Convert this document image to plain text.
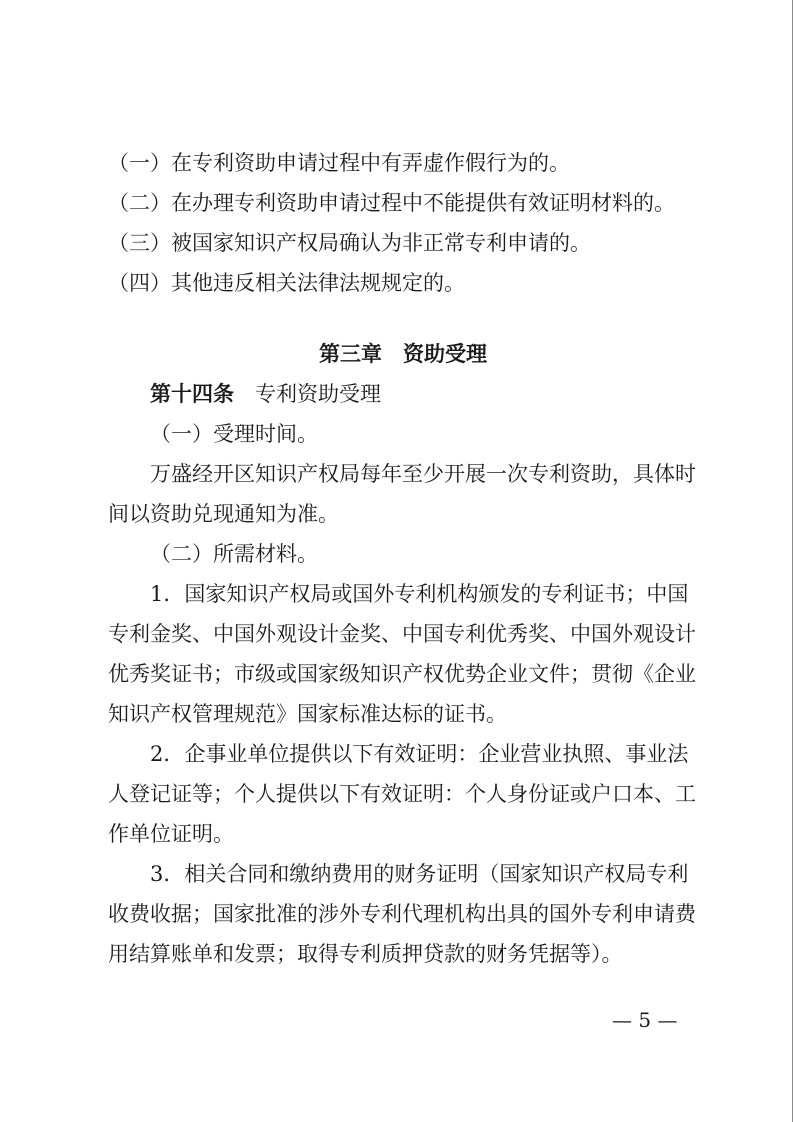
（一）在专利资助申请过程中有弄虚作假行为的。
（二）在办理专利资助申请过程中不能提供有效证明材料的。
（三）被国家知识产权局确认为非正常专利申请的。
（四）其他违反相关法律法规规定的。
第三章　资助受理
第十四条 专利资助受理
（一）受理时间。
万盛经开区知识产权局每年至少开展一次专利资助，具体时
间以资助兑现通知为准。
（二）所需材料。
1．国家知识产权局或国外专利机构颁发的专利证书；中国
专利金奖、中国外观设计金奖、中国专利优秀奖、中国外观设计
优秀奖证书；市级或国家级知识产权优势企业文件；贯彻《企业
知识产权管理规范》国家标准达标的证书。
2．企事业单位提供以下有效证明：企业营业执照、事业法
人登记证等；个人提供以下有效证明：个人身份证或户口本、工
作单位证明。
3．相关合同和缴纳费用的财务证明（国家知识产权局专利
收费收据；国家批准的涉外专利代理机构出具的国外专利申请费
用结算账单和发票；取得专利质押贷款的财务凭据等）。
— 5 —
